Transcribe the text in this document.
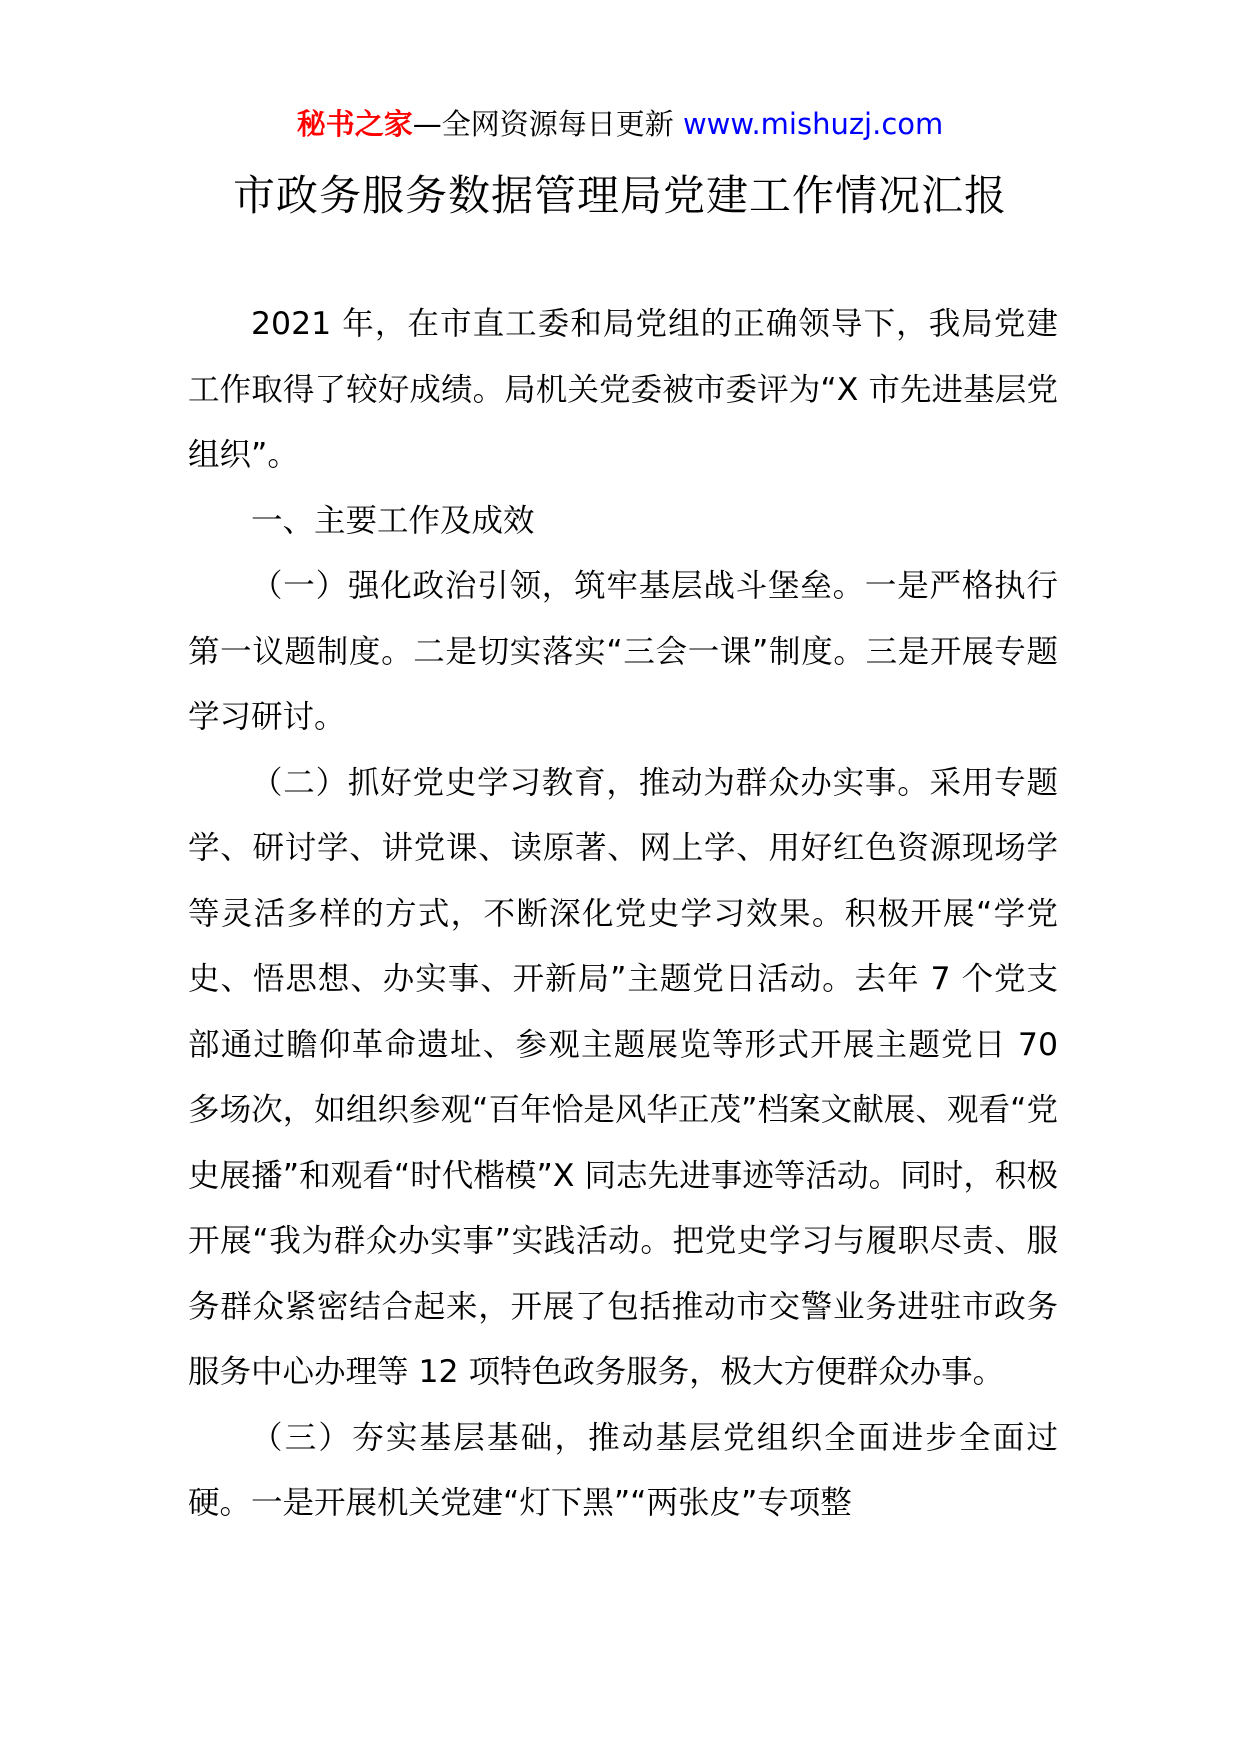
秘书之家—全网资源每日更新 www.mishuzj.com
市政务服务数据管理局党建工作情况汇报

2021 年，在市直工委和局党组的正确领导下，我局党建工作取得了较好成绩。局机关党委被市委评为“X 市先进基层党组织”。

一、主要工作及成效

（一）强化政治引领，筑牢基层战斗堡垒。一是严格执行第一议题制度。二是切实落实“三会一课”制度。三是开展专题学习研讨。

（二）抓好党史学习教育，推动为群众办实事。采用专题学、研讨学、讲党课、读原著、网上学、用好红色资源现场学等灵活多样的方式，不断深化党史学习效果。积极开展“学党史、悟思想、办实事、开新局”主题党日活动。去年 7 个党支部通过瞻仰革命遗址、参观主题展览等形式开展主题党日 70 多场次，如组织参观“百年恰是风华正茂”档案文献展、观看“党史展播”和观看“时代楷模”X 同志先进事迹等活动。同时，积极开展“我为群众办实事”实践活动。把党史学习与履职尽责、服务群众紧密结合起来，开展了包括推动市交警业务进驻市政务服务中心办理等 12 项特色政务服务，极大方便群众办事。

（三）夯实基层基础，推动基层党组织全面进步全面过硬。一是开展机关党建“灯下黑”“两张皮”专项整
